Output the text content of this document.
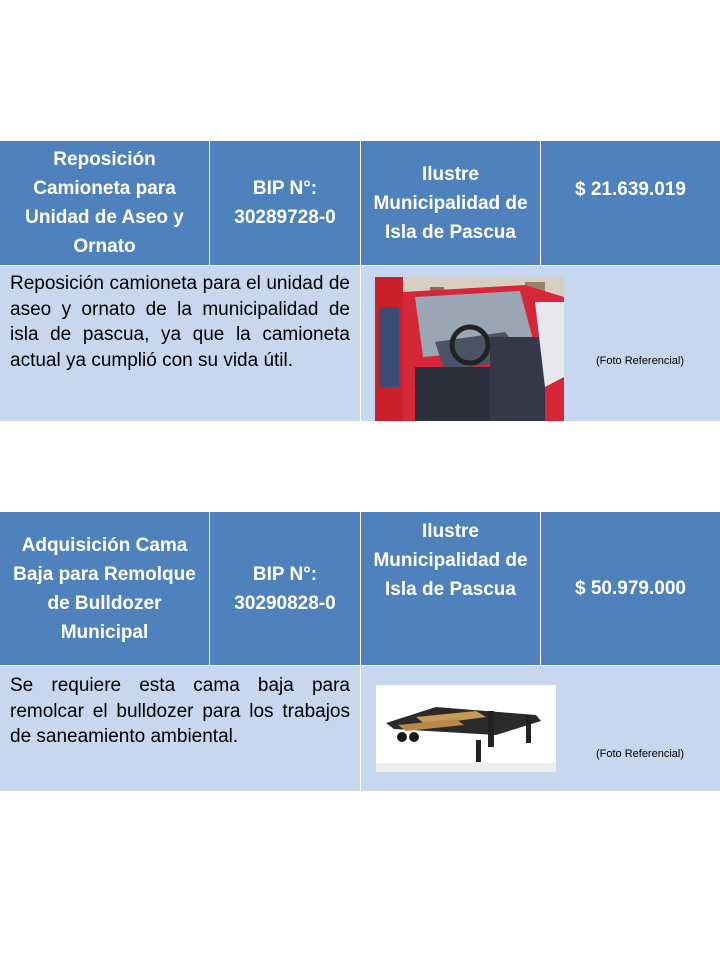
Reposición Camioneta para Unidad de Aseo y Ornato
BIP N°: 30289728-0
Ilustre Municipalidad de Isla de Pascua
$ 21.639.019
Reposición camioneta para el unidad de aseo y ornato de la municipalidad de isla de pascua, ya que la camioneta actual ya cumplió con su vida útil.	(Foto Referencial)
Adquisición Cama Baja para Remolque de Bulldozer Municipal
BIP N°: 30290828-0
Ilustre Municipalidad de Isla de Pascua	$ 50.979.000
Se requiere esta cama baja para remolcar el bulldozer para los trabajos de saneamiento ambiental.
(Foto Referencial)
